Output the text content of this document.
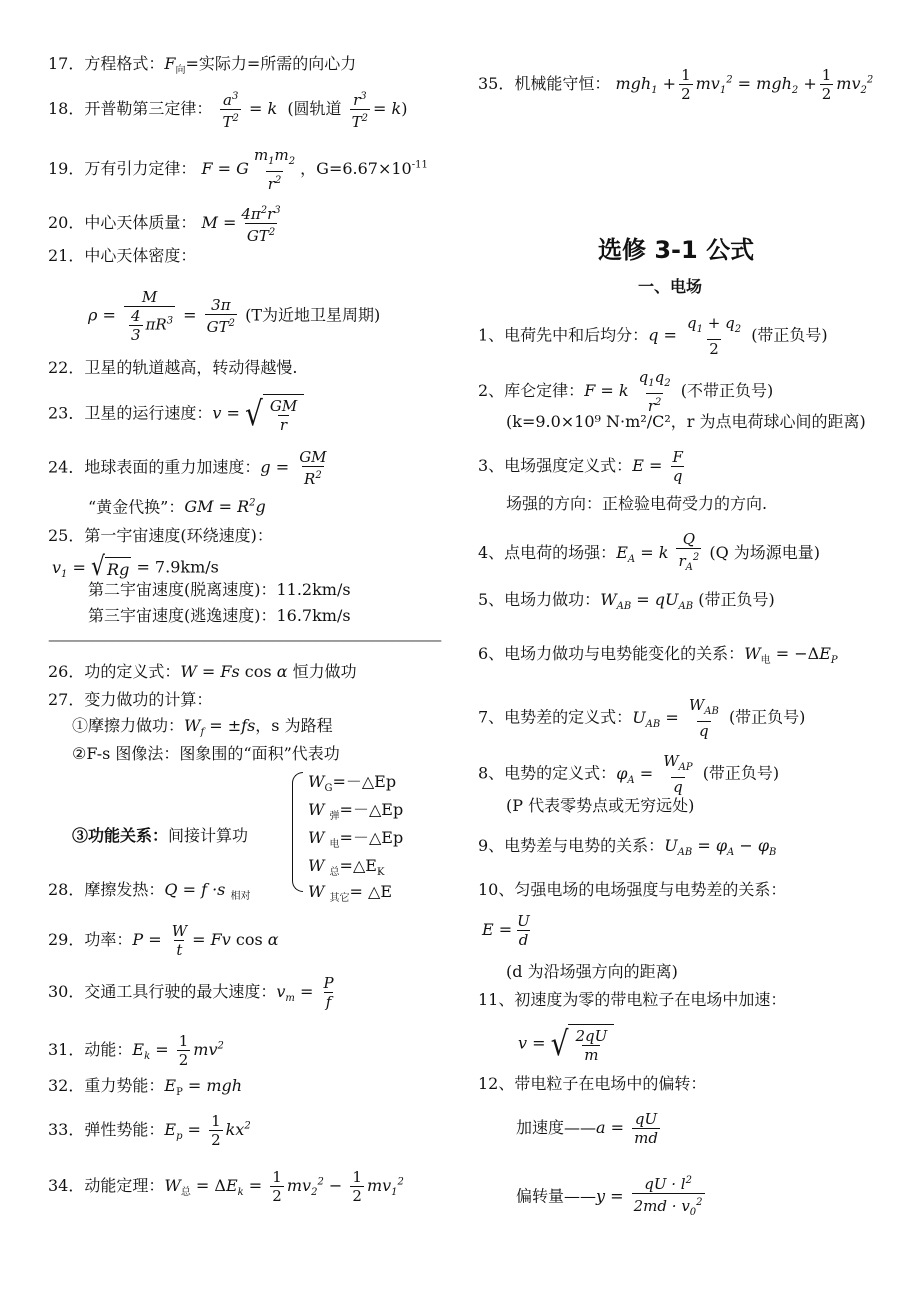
17．方程格式：$F_向=$实际力=所需的向心力
18．开普勒第三定律： $\frac{a^3}{T^2} = k$ (圆轨道 $\frac{r^3}{T^2} = k$)
19．万有引力定律： F = G $\frac{m_1m_2}{r^2}$ ，$G=6.67\times 10^{-11}$
20．中心天体质量： $M = \frac{4\pi^2r^3}{GT^2}$
21．中心天体密度：
$\rho = \frac{M}{\frac{4}{3} \pi R^3} = \frac{3\pi}{GT^2} (T$为近地卫星周期)
22．卫星的轨道越高，转动得越慢.
23．卫星的运行速度：v = √ $\frac{GM}{r}$
24．地球表面的重力加速度：$g = \frac{GM}{R^2}$
“黄金代换”：GM = $R^2g$
25．第一宇宙速度(环绕速度)：
$v_1$ = √ Rg = 7.9km/s
第二宇宙速度(脱离速度)：11.2km/s
第三宇宙速度(逃逸速度)：16.7km/s
————————————————————————————
26．功的定义式：W = Fs cos α 恒力做功
27．变力做功的计算：
①摩擦力做功：$W_f = \pm fs$，s 为路程
②F-s 图像法：图象围的“面积”代表功
$W_G=-\triangle Ep$
W $_弹$=－△Ep
W $_电$=－△Ep
W $_总=\triangle E_K$
W $_{其它}$= △E
③功能关系：间接计算功
28．摩擦发热：Q = f ·s $_{相对}$
29．功率：$P = \frac{W}{t} = Fv$ cos α
30．交通工具行驶的最大速度：$v_m = \frac{P}{f}$
31．动能：$E_k = \frac{1}{2} mv^2$
32．重力势能：$E_P$ = mgh
33．弹性势能：$E_p = \frac{1}{2} kx^2$
34．动能定理：$W_总 = \Delta E_k = \frac{1}{2} mv_2^2 - \frac{1}{2} mv_1^2$
35．机械能守恒： $mgh_1 + \frac{1}{2} mv_1^2 = mgh_2 + \frac{1}{2} mv_2^2$
选修 3-1 公式
一、电场
1、电荷先中和后均分：$q = \frac{q_1 + q_2}{2}$ (带正负号)
2、库仑定律：F = k $\frac{q_1q_2}{r^2}$ (不带正负号)
(k=9.0×10⁹ N·m²/C²，r 为点电荷球心间的距离)
3、电场强度定义式：$E = \frac{F}{q}$
场强的方向：正检验电荷受力的方向.
4、点电荷的场强：$E_A = k \frac{Q}{r_A^2} (Q$ 为场源电量)
5、电场力做功：$W_{AB} = qU_{AB}$ (带正负号)
6、电场力做功与电势能变化的关系：$W_电 = -\Delta E_P$
7、电势差的定义式：$U_{AB} = \frac{W_{AB}}{q}$ (带正负号)
8、电势的定义式：$\varphi_A = \frac{W_{AP}}{q}$ (带正负号)
(P 代表零势点或无穷远处)
9、电势差与电势的关系：$U_{AB} = \varphi_A - \varphi_B$
10、匀强电场的电场强度与电势差的关系：
$E = \frac{U}{d}$
(d 为沿场强方向的距离)
11、初速度为零的带电粒子在电场中加速：
v = √ $\frac{2qU}{m}$
12、带电粒子在电场中的偏转：
加速度——a = $\frac{qU}{md}$
偏转量——y = $\frac{qU \cdot l^2}{2md \cdot v_0^2}$
